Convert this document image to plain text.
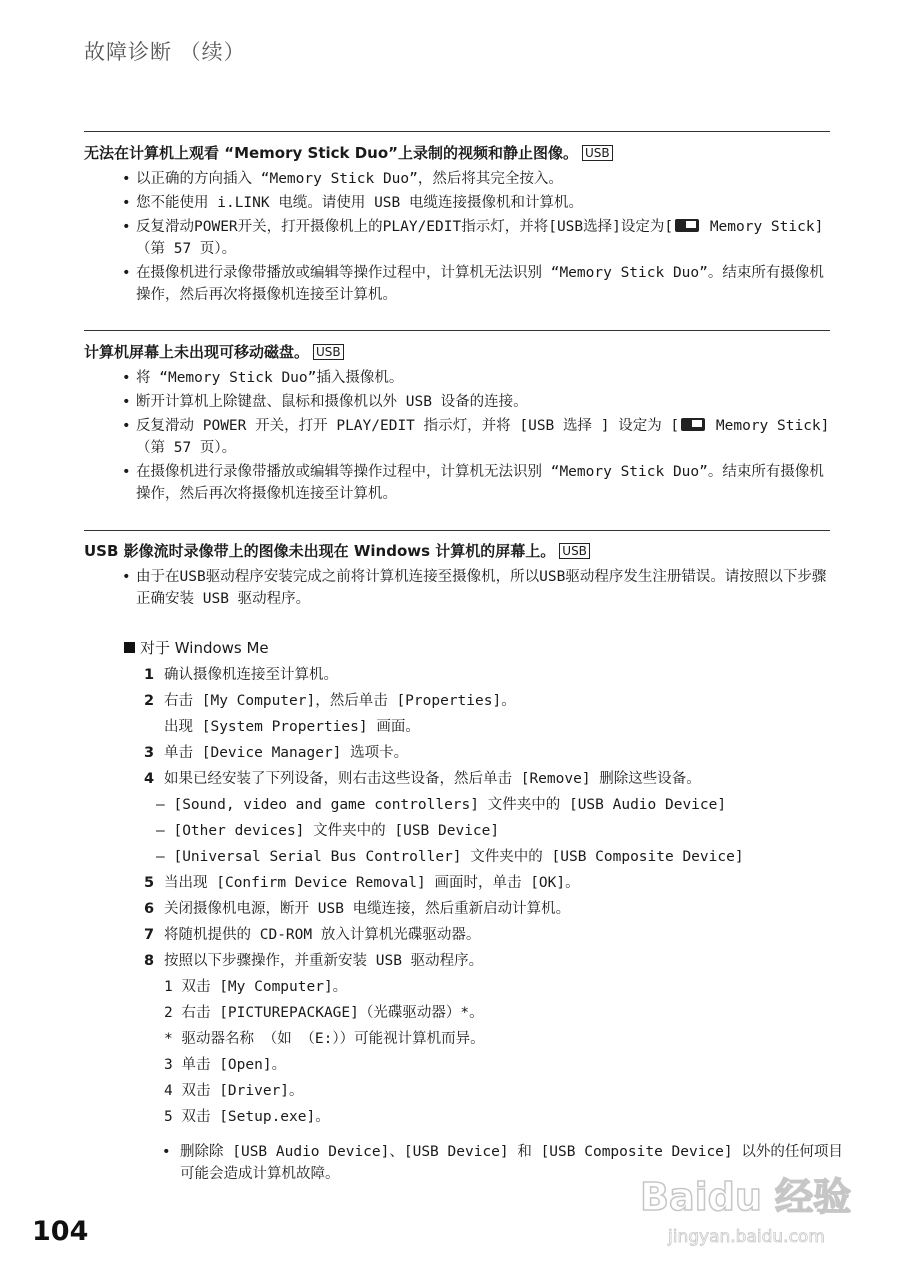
故障诊断 （续）

无法在计算机上观看 “Memory Stick Duo”上录制的视频和静止图像。 USB

• 以正确的方向插入 “Memory Stick Duo”，然后将其完全按入。
• 您不能使用 i.LINK 电缆。请使用 USB 电缆连接摄像机和计算机。
• 反复滑动POWER开关，打开摄像机上的PLAY/EDIT指示灯，并将[USB选择]设定为[ Memory Stick]（第 57 页）。
• 在摄像机进行录像带播放或编辑等操作过程中，计算机无法识别 “Memory Stick Duo”。结束所有摄像机操作，然后再次将摄像机连接至计算机。

计算机屏幕上未出现可移动磁盘。 USB

• 将 “Memory Stick Duo”插入摄像机。
• 断开计算机上除键盘、鼠标和摄像机以外 USB 设备的连接。
• 反复滑动 POWER 开关，打开 PLAY/EDIT 指示灯，并将 [USB 选择 ] 设定为 [ Memory Stick]（第 57 页）。
• 在摄像机进行录像带播放或编辑等操作过程中，计算机无法识别 “Memory Stick Duo”。结束所有摄像机操作，然后再次将摄像机连接至计算机。

USB 影像流时录像带上的图像未出现在 Windows 计算机的屏幕上。 USB

• 由于在USB驱动程序安装完成之前将计算机连接至摄像机，所以USB驱动程序发生注册错误。请按照以下步骤正确安装 USB 驱动程序。
对于 Windows Me
1 确认摄像机连接至计算机。
2 右击 [My Computer]，然后单击 [Properties]。
出现 [System Properties] 画面。
3 单击 [Device Manager] 选项卡。
4 如果已经安装了下列设备，则右击这些设备，然后单击 [Remove] 删除这些设备。
– [Sound, video and game controllers] 文件夹中的 [USB Audio Device]
– [Other devices] 文件夹中的 [USB Device]
– [Universal Serial Bus Controller] 文件夹中的 [USB Composite Device]
5 当出现 [Confirm Device Removal] 画面时，单击 [OK]。
6 关闭摄像机电源，断开 USB 电缆连接，然后重新启动计算机。
7 将随机提供的 CD-ROM 放入计算机光碟驱动器。
8 按照以下步骤操作，并重新安装 USB 驱动程序。
1 双击 [My Computer]。
2 右击 [PICTUREPACKAGE]（光碟驱动器）*。
* 驱动器名称 （如 （E:））可能视计算机而异。
3 单击 [Open]。
4 双击 [Driver]。
5 双击 [Setup.exe]。
• 删除除 [USB Audio Device]、[USB Device] 和 [USB Composite Device] 以外的任何项目可能会造成计算机故障。
104
Baidu 经验
jingyan.baidu.com
